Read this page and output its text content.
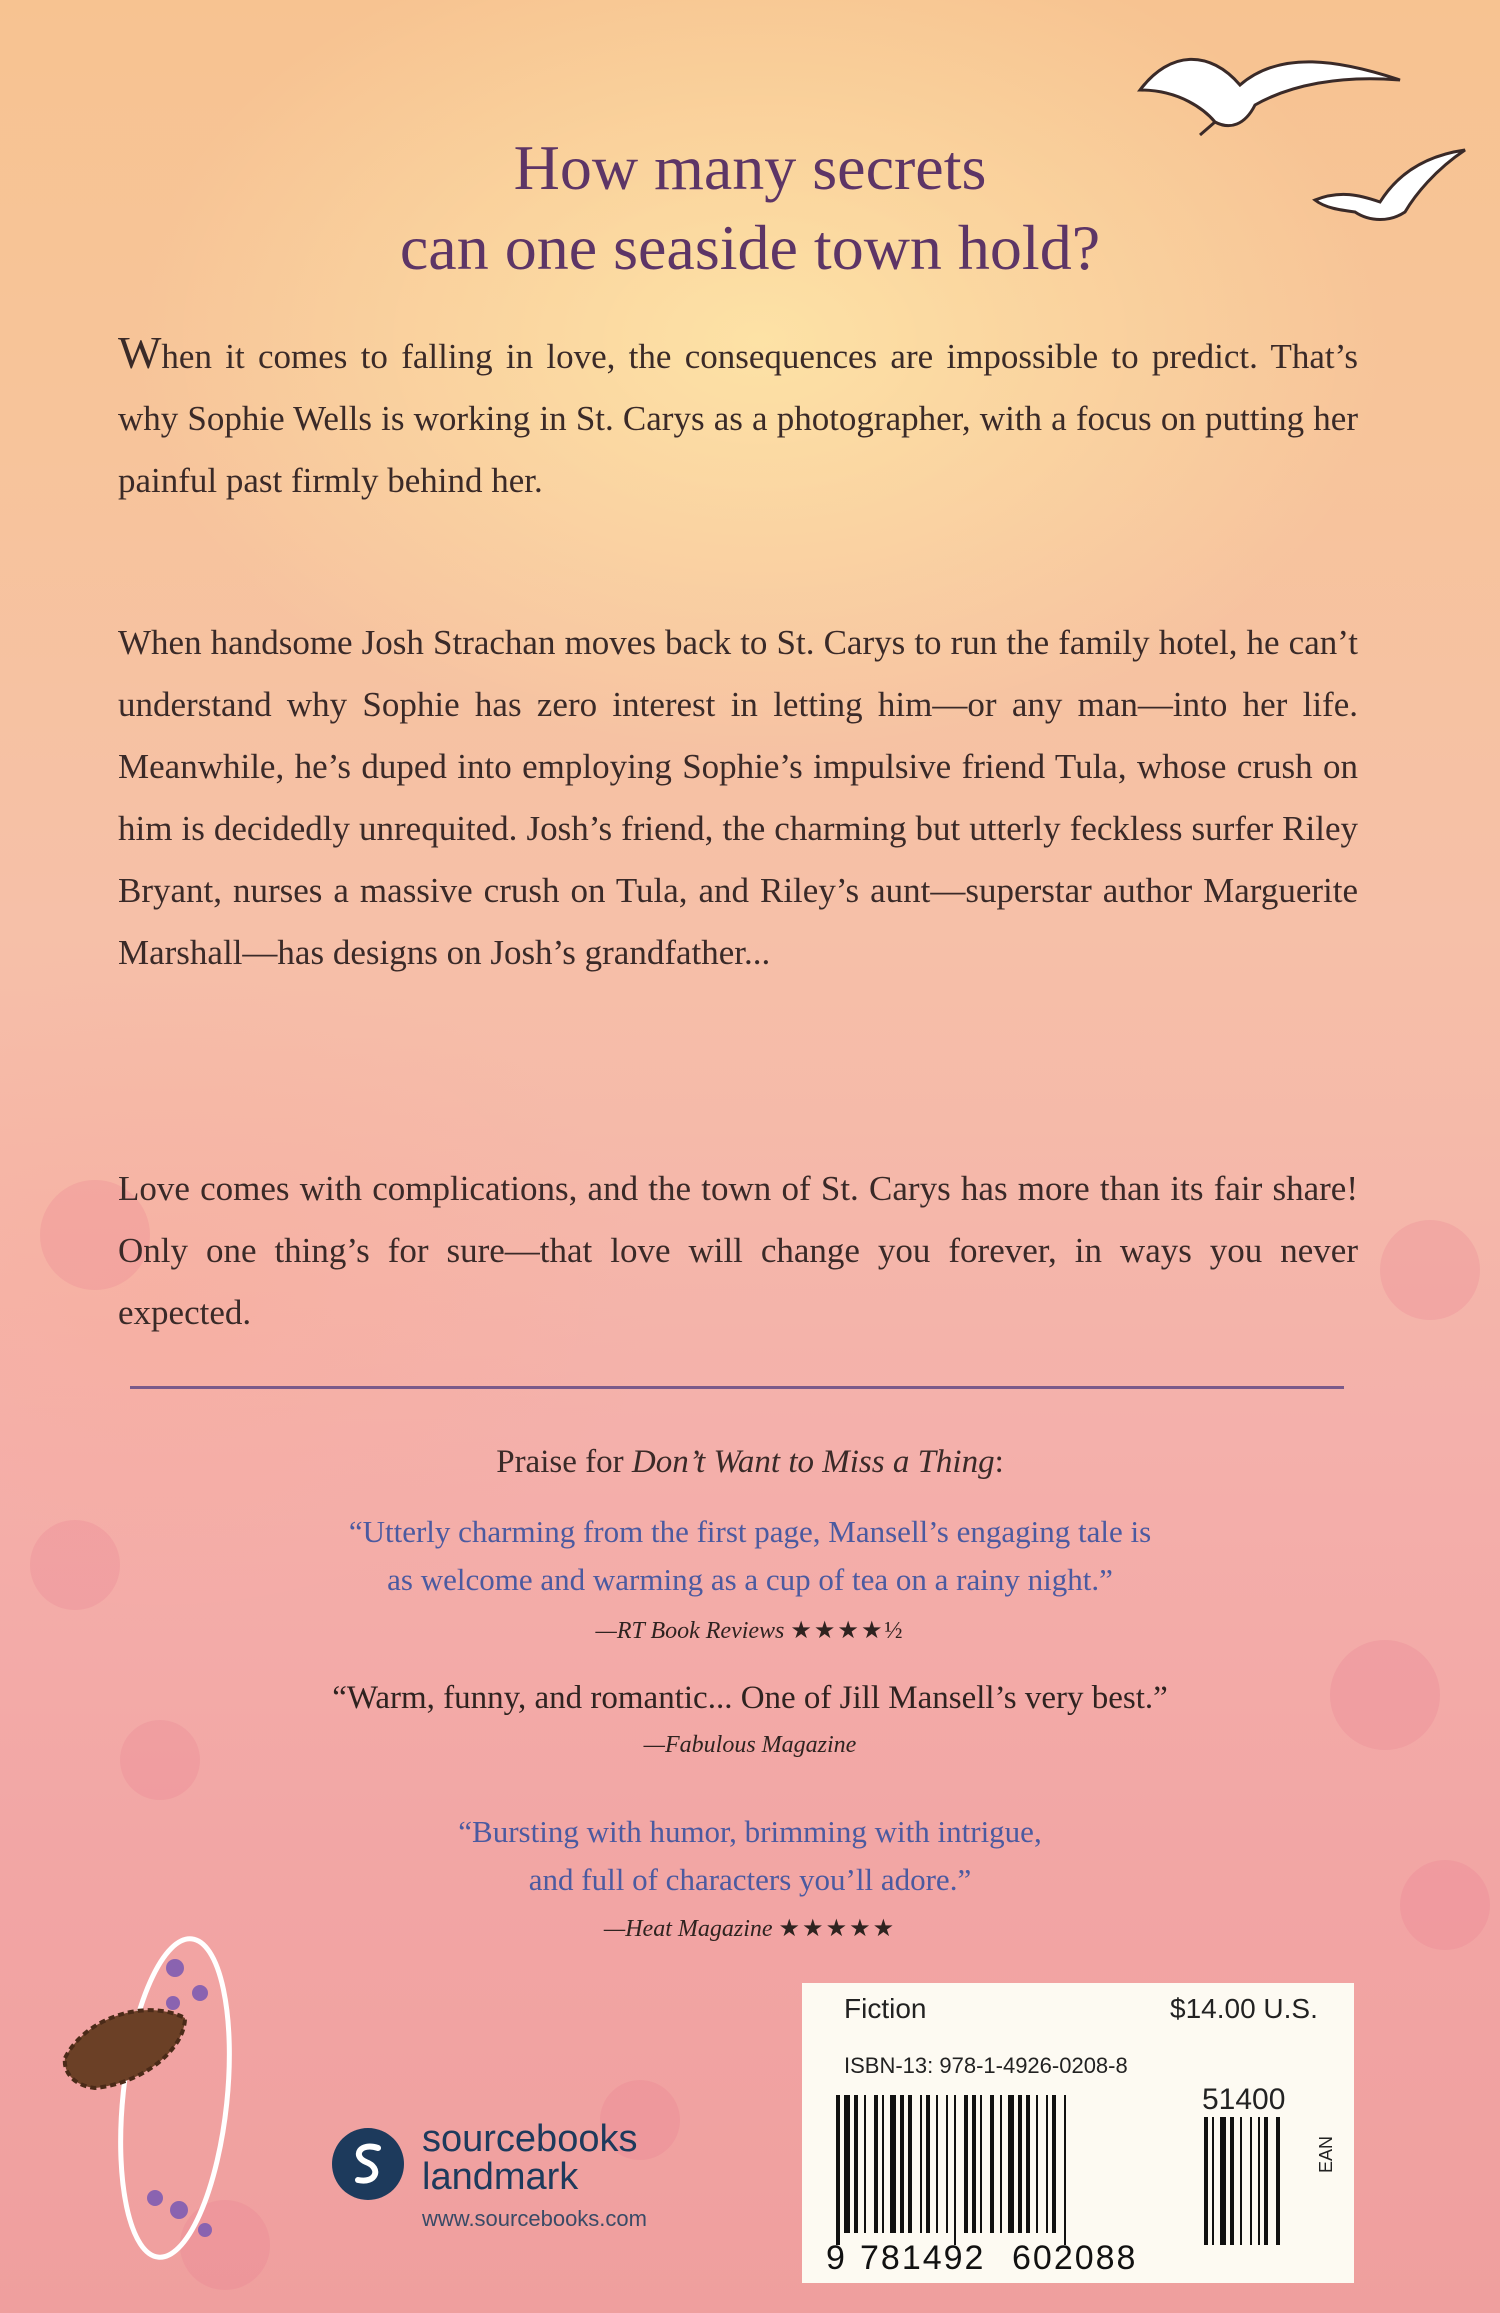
How many secrets
can one seaside town hold?

When it comes to falling in love, the consequences are impossible to predict. That’s why Sophie Wells is working in St. Carys as a photographer, with a focus on putting her painful past firmly behind her.

When handsome Josh Strachan moves back to St. Carys to run the family hotel, he can’t understand why Sophie has zero interest in letting him—or any man—into her life. Meanwhile, he’s duped into employing Sophie’s impulsive friend Tula, whose crush on him is decidedly unrequited. Josh’s friend, the charming but utterly feckless surfer Riley Bryant, nurses a massive crush on Tula, and Riley’s aunt—superstar author Marguerite Marshall—has designs on Josh’s grandfather...

Love comes with complications, and the town of St. Carys has more than its fair share! Only one thing’s for sure—that love will change you forever, in ways you never expected.

Praise for Don’t Want to Miss a Thing:

“Utterly charming from the first page, Mansell’s engaging tale is
as welcome and warming as a cup of tea on a rainy night.”

—RT Book Reviews ★★★★½

“Warm, funny, and romantic... One of Jill Mansell’s very best.”

—Fabulous Magazine

“Bursting with humor, brimming with intrigue,
and full of characters you’ll adore.”

—Heat Magazine ★★★★★
sourcebooks
landmark
www.sourcebooks.com
Fiction	$14.00 U.S.
ISBN-13: 978-1-4926-0208-8
51400
9 781492 602088
EAN
